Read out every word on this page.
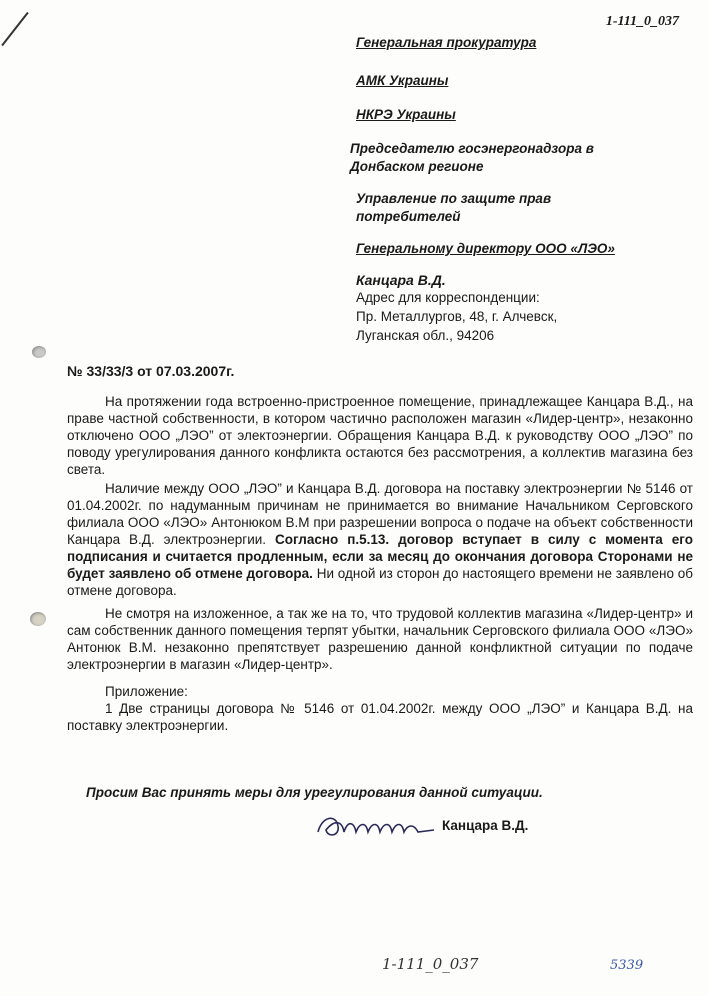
1-111_0_037
Генеральная прокуратура
АМК Украины
НКРЭ Украины
Председателю госэнергонадзора в
Донбаском регионе
Управление по защите прав
потребителей
Генеральному директору ООО «ЛЭО»
Канцара В.Д.
Адрес для корреспонденции:
Пр. Металлургов, 48, г. Алчевск,
Луганская обл., 94206
№ 33/33/3 от 07.03.2007г.

На протяжении года встроенно-пристроенное помещение, принадлежащее Канцара В.Д., на праве частной собственности, в котором частично расположен магазин «Лидер-центр», незаконно отключено ООО „ЛЭО” от электоэнергии. Обращения Канцара В.Д. к руководству ООО „ЛЭО” по поводу урегулирования данного конфликта остаются без рассмотрения, а коллектив магазина без света.

Наличие между ООО „ЛЭО” и Канцара В.Д. договора на поставку электроэнергии № 5146 от 01.04.2002г. по надуманным причинам не принимается во внимание Начальником Серговского филиала ООО «ЛЭО» Антонюком В.М при разрешении вопроса о подаче на объект собственности Канцара В.Д. электроэнергии. Согласно п.5.13. договор вступает в силу с момента его подписания и считается продленным, если за месяц до окончания договора Сторонами не будет заявлено об отмене договора. Ни одной из сторон до настоящего времени не заявлено об отмене договора.

Не смотря на изложенное, а так же на то, что трудовой коллектив магазина «Лидер-центр» и сам собственник данного помещения терпят убытки, начальник Серговского филиала ООО «ЛЭО» Антонюк В.М. незаконно препятствует разрешению данной конфликтной ситуации по подаче электроэнергии в магазин «Лидер-центр».

Приложение:
1 Две страницы договора № 5146 от 01.04.2002г. между ООО „ЛЭО” и Канцара В.Д. на поставку электроэнергии.
Просим Вас принять меры для урегулирования данной ситуации.
Канцара В.Д.
1-111_0_037	5339
